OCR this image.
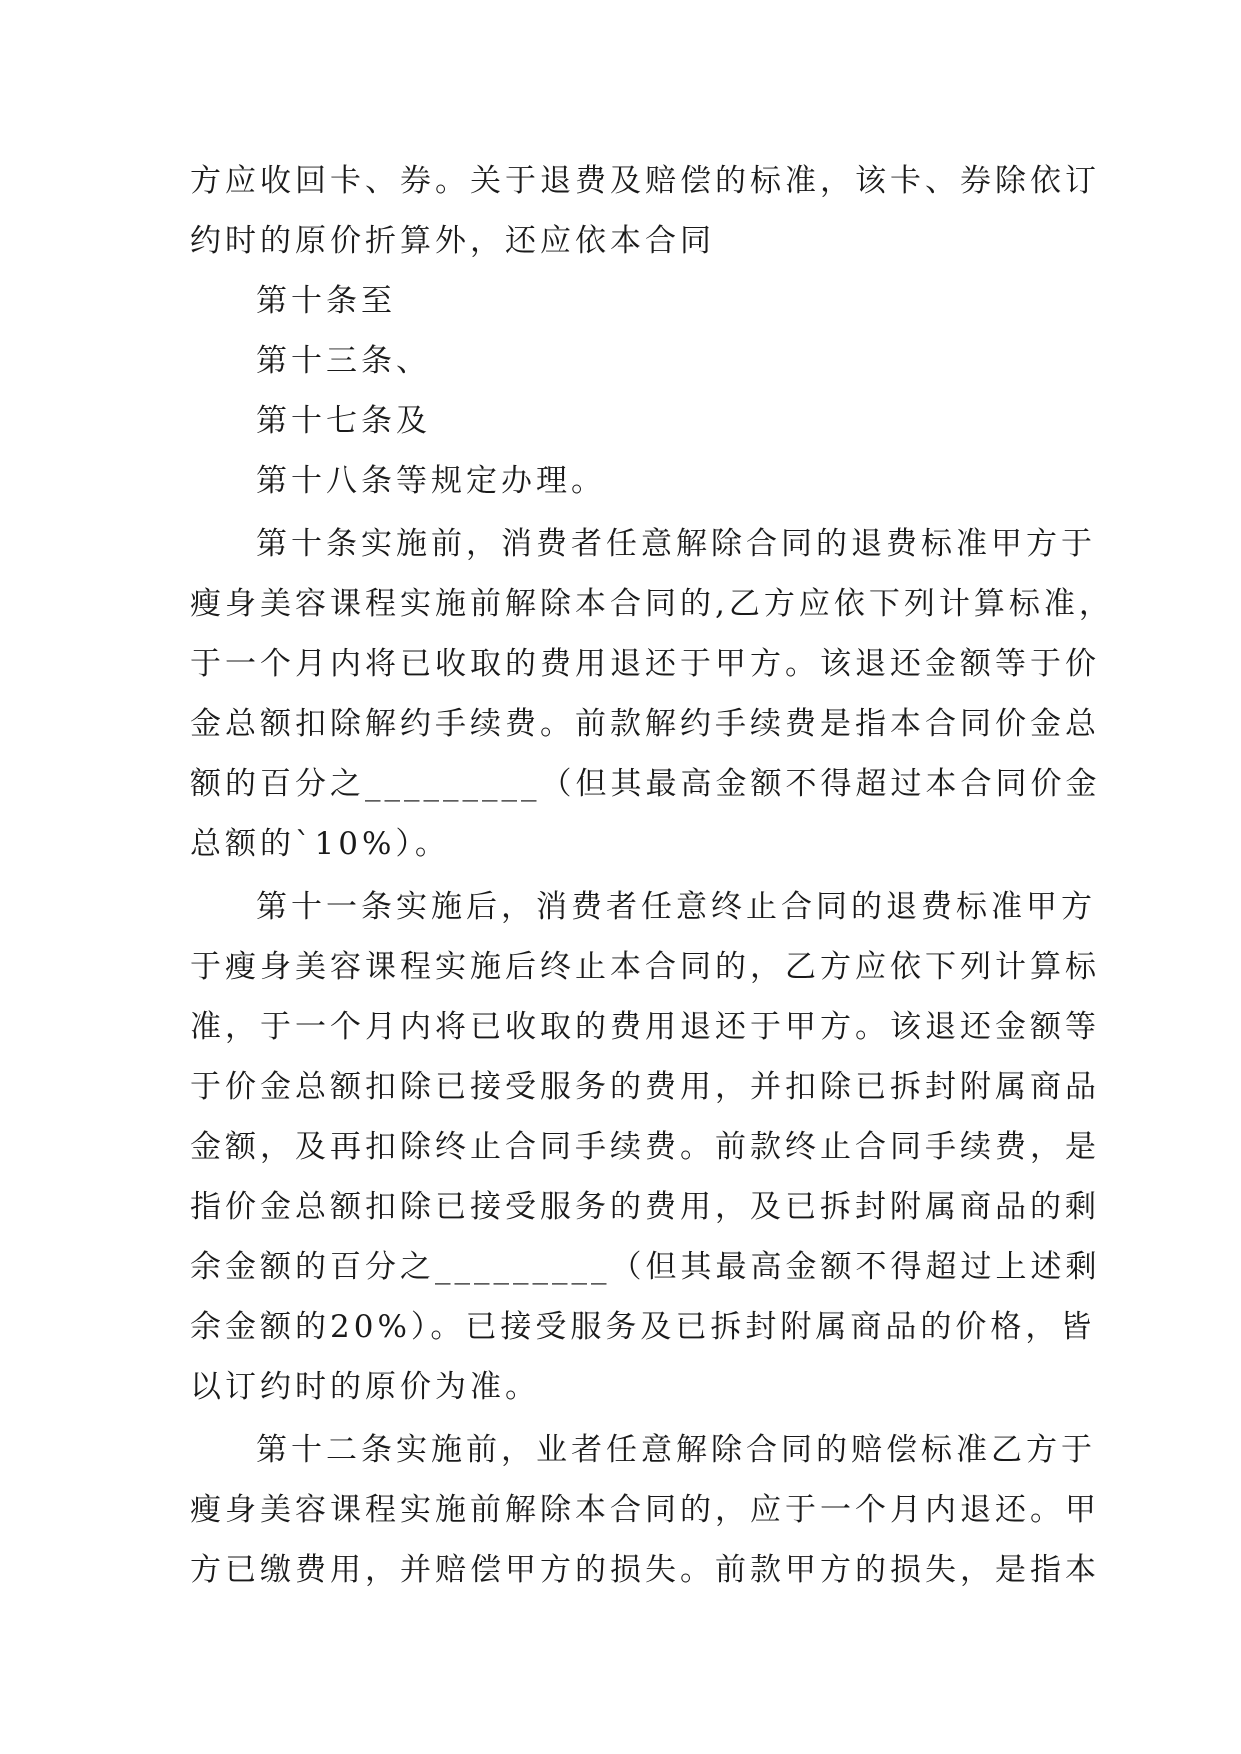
方应收回卡、券。关于退费及赔偿的标准，该卡、券除依订
约时的原价折算外，还应依本合同
第十条至
第十三条、
第十七条及
第十八条等规定办理。
第十条实施前，消费者任意解除合同的退费标准甲方于
瘦身美容课程实施前解除本合同的,乙方应依下列计算标准，
于一个月内将已收取的费用退还于甲方。该退还金额等于价
金总额扣除解约手续费。前款解约手续费是指本合同价金总
额的百分之_________（但其最高金额不得超过本合同价金
总额的`10%）。
第十一条实施后，消费者任意终止合同的退费标准甲方
于瘦身美容课程实施后终止本合同的，乙方应依下列计算标
准，于一个月内将已收取的费用退还于甲方。该退还金额等
于价金总额扣除已接受服务的费用，并扣除已拆封附属商品
金额，及再扣除终止合同手续费。前款终止合同手续费，是
指价金总额扣除已接受服务的费用，及已拆封附属商品的剩
余金额的百分之_________（但其最高金额不得超过上述剩
余金额的20%）。已接受服务及已拆封附属商品的价格，皆
以订约时的原价为准。
第十二条实施前，业者任意解除合同的赔偿标准乙方于
瘦身美容课程实施前解除本合同的，应于一个月内退还。甲
方已缴费用，并赔偿甲方的损失。前款甲方的损失，是指本
